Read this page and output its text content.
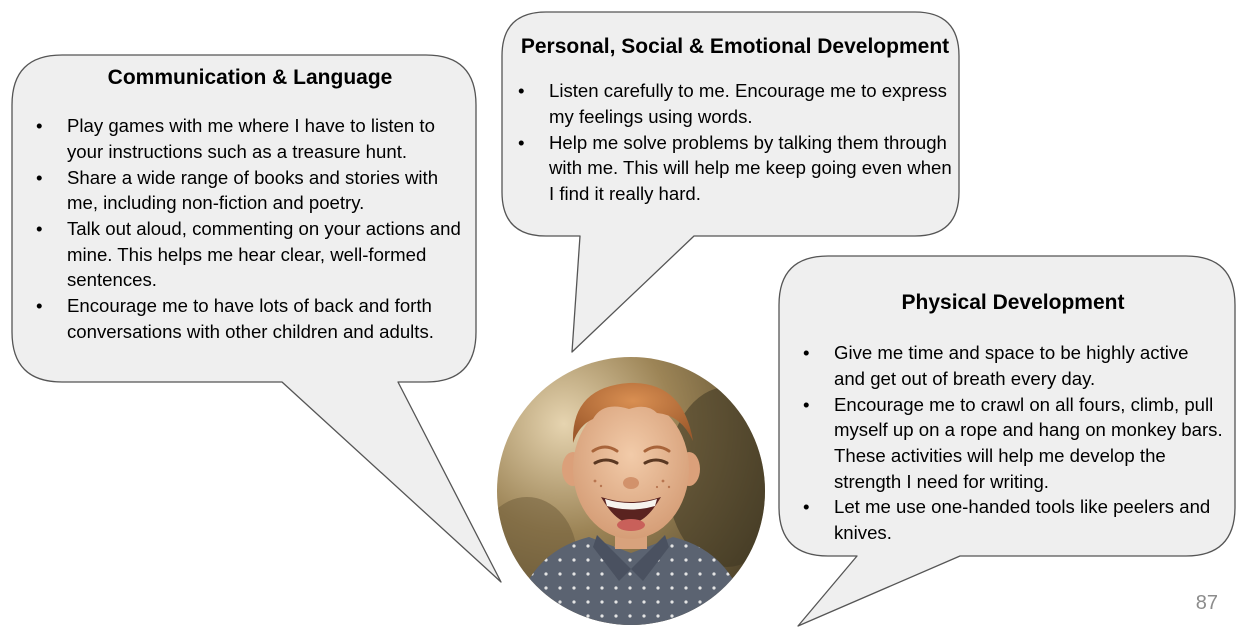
Communication & Language
• Play games with me where I have to listen to your instructions such as a treasure hunt.
• Share a wide range of books and stories with me, including non-fiction and poetry.
• Talk out aloud, commenting on your actions and mine. This helps me hear clear, well-formed sentences.
• Encourage me to have lots of back and forth conversations with other children and adults.
Personal, Social & Emotional Development
• Listen carefully to me. Encourage me to express my feelings using words.
• Help me solve problems by talking them through with me. This will help me keep going even when I find it really hard.
Physical Development
• Give me time and space to be highly active and get out of breath every day.
• Encourage me to crawl on all fours, climb, pull myself up on a rope and hang on monkey bars. These activities will help me develop the strength I need for writing.
• Let me use one-handed tools like peelers and knives.
87
